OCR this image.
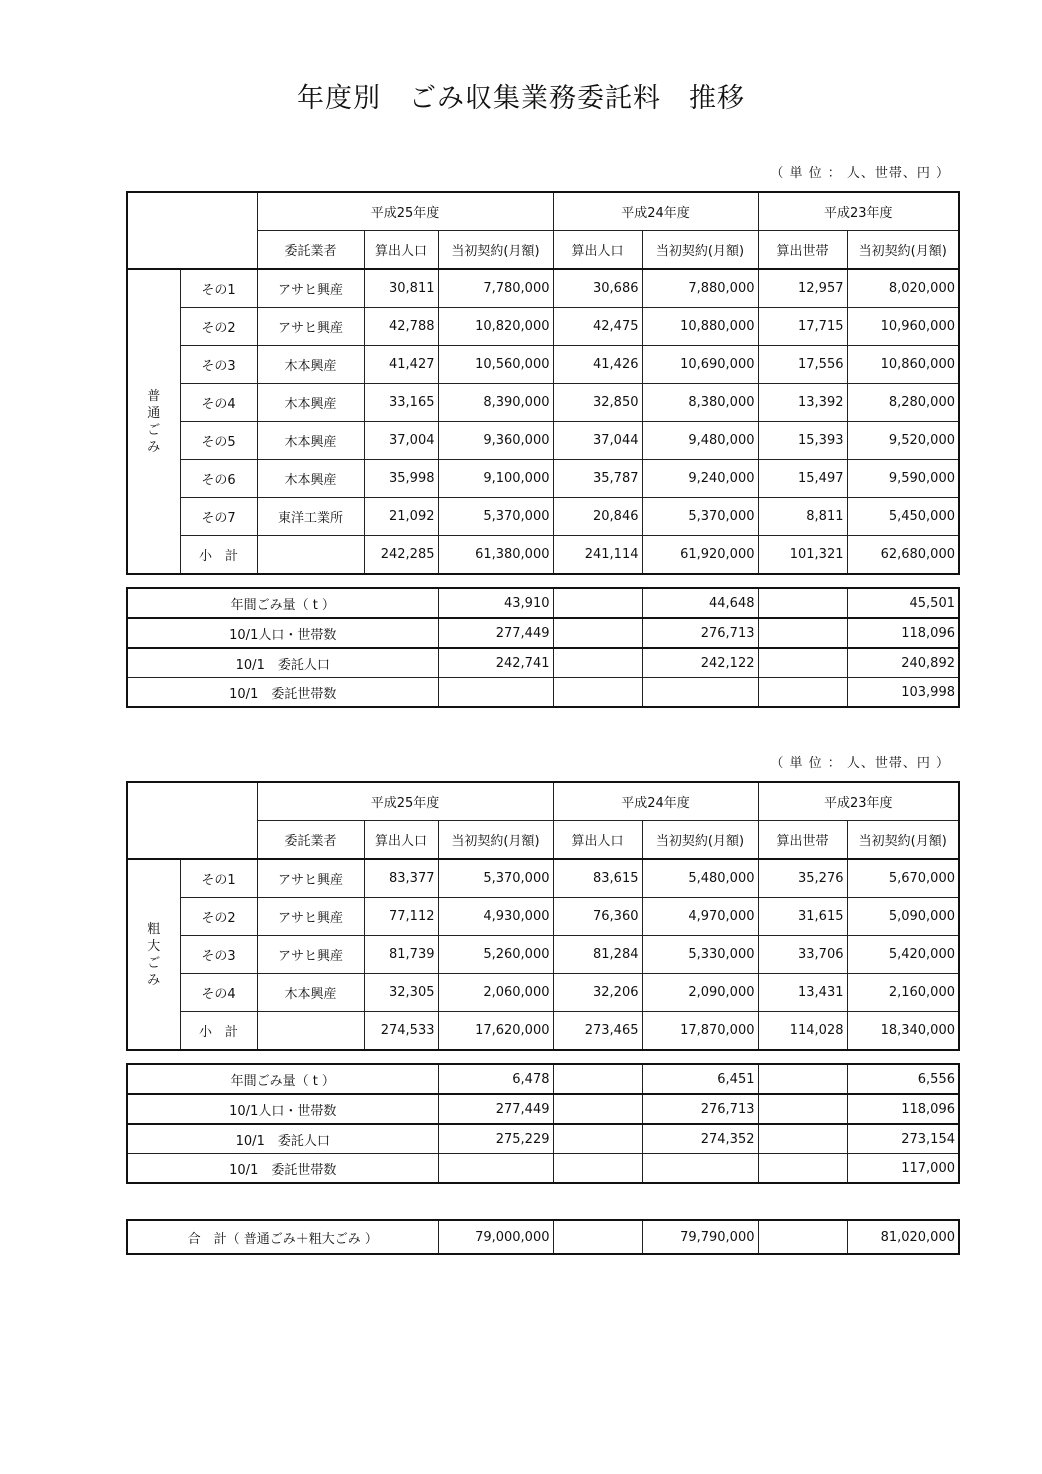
年度別　ごみ収集業務委託料　推移
（ 単 位 ： 人、世帯、円 ）
		平成25年度			平成24年度		平成23年度	
		委託業者	算出人口	当初契約(月額)	算出人口	当初契約(月額)	算出世帯	当初契約(月額)

普
通
ご
み	その1	アサヒ興産	30,811	7,780,000	30,686	7,880,000	12,957	8,020,000
	その2	アサヒ興産	42,788	10,820,000	42,475	10,880,000	17,715	10,960,000
	その3	木本興産	41,427	10,560,000	41,426	10,690,000	17,556	10,860,000
	その4	木本興産	33,165	8,390,000	32,850	8,380,000	13,392	8,280,000
	その5	木本興産	37,004	9,360,000	37,044	9,480,000	15,393	9,520,000
	その6	木本興産	35,998	9,100,000	35,787	9,240,000	15,497	9,590,000
	その7	東洋工業所	21,092	5,370,000	20,846	5,370,000	8,811	5,450,000
	小　計		242,285	61,380,000	241,114	61,920,000	101,321	62,680,000
年間ごみ量（ t ）	43,910		44,648		45,501
10/1人口・世帯数	277,449		276,713		118,096
10/1　委託人口	242,741		242,122		240,892
10/1　委託世帯数					103,998
（ 単 位 ： 人、世帯、円 ）
		平成25年度			平成24年度		平成23年度	
		委託業者	算出人口	当初契約(月額)	算出人口	当初契約(月額)	算出世帯	当初契約(月額)

粗
大
ご
み	その1	アサヒ興産	83,377	5,370,000	83,615	5,480,000	35,276	5,670,000
	その2	アサヒ興産	77,112	4,930,000	76,360	4,970,000	31,615	5,090,000
	その3	アサヒ興産	81,739	5,260,000	81,284	5,330,000	33,706	5,420,000
	その4	木本興産	32,305	2,060,000	32,206	2,090,000	13,431	2,160,000
	小　計		274,533	17,620,000	273,465	17,870,000	114,028	18,340,000
年間ごみ量（ t ）	6,478		6,451		6,556
10/1人口・世帯数	277,449		276,713		118,096
10/1　委託人口	275,229		274,352		273,154
10/1　委託世帯数					117,000
合　計（ 普通ごみ＋粗大ごみ ）	79,000,000		79,790,000		81,020,000
